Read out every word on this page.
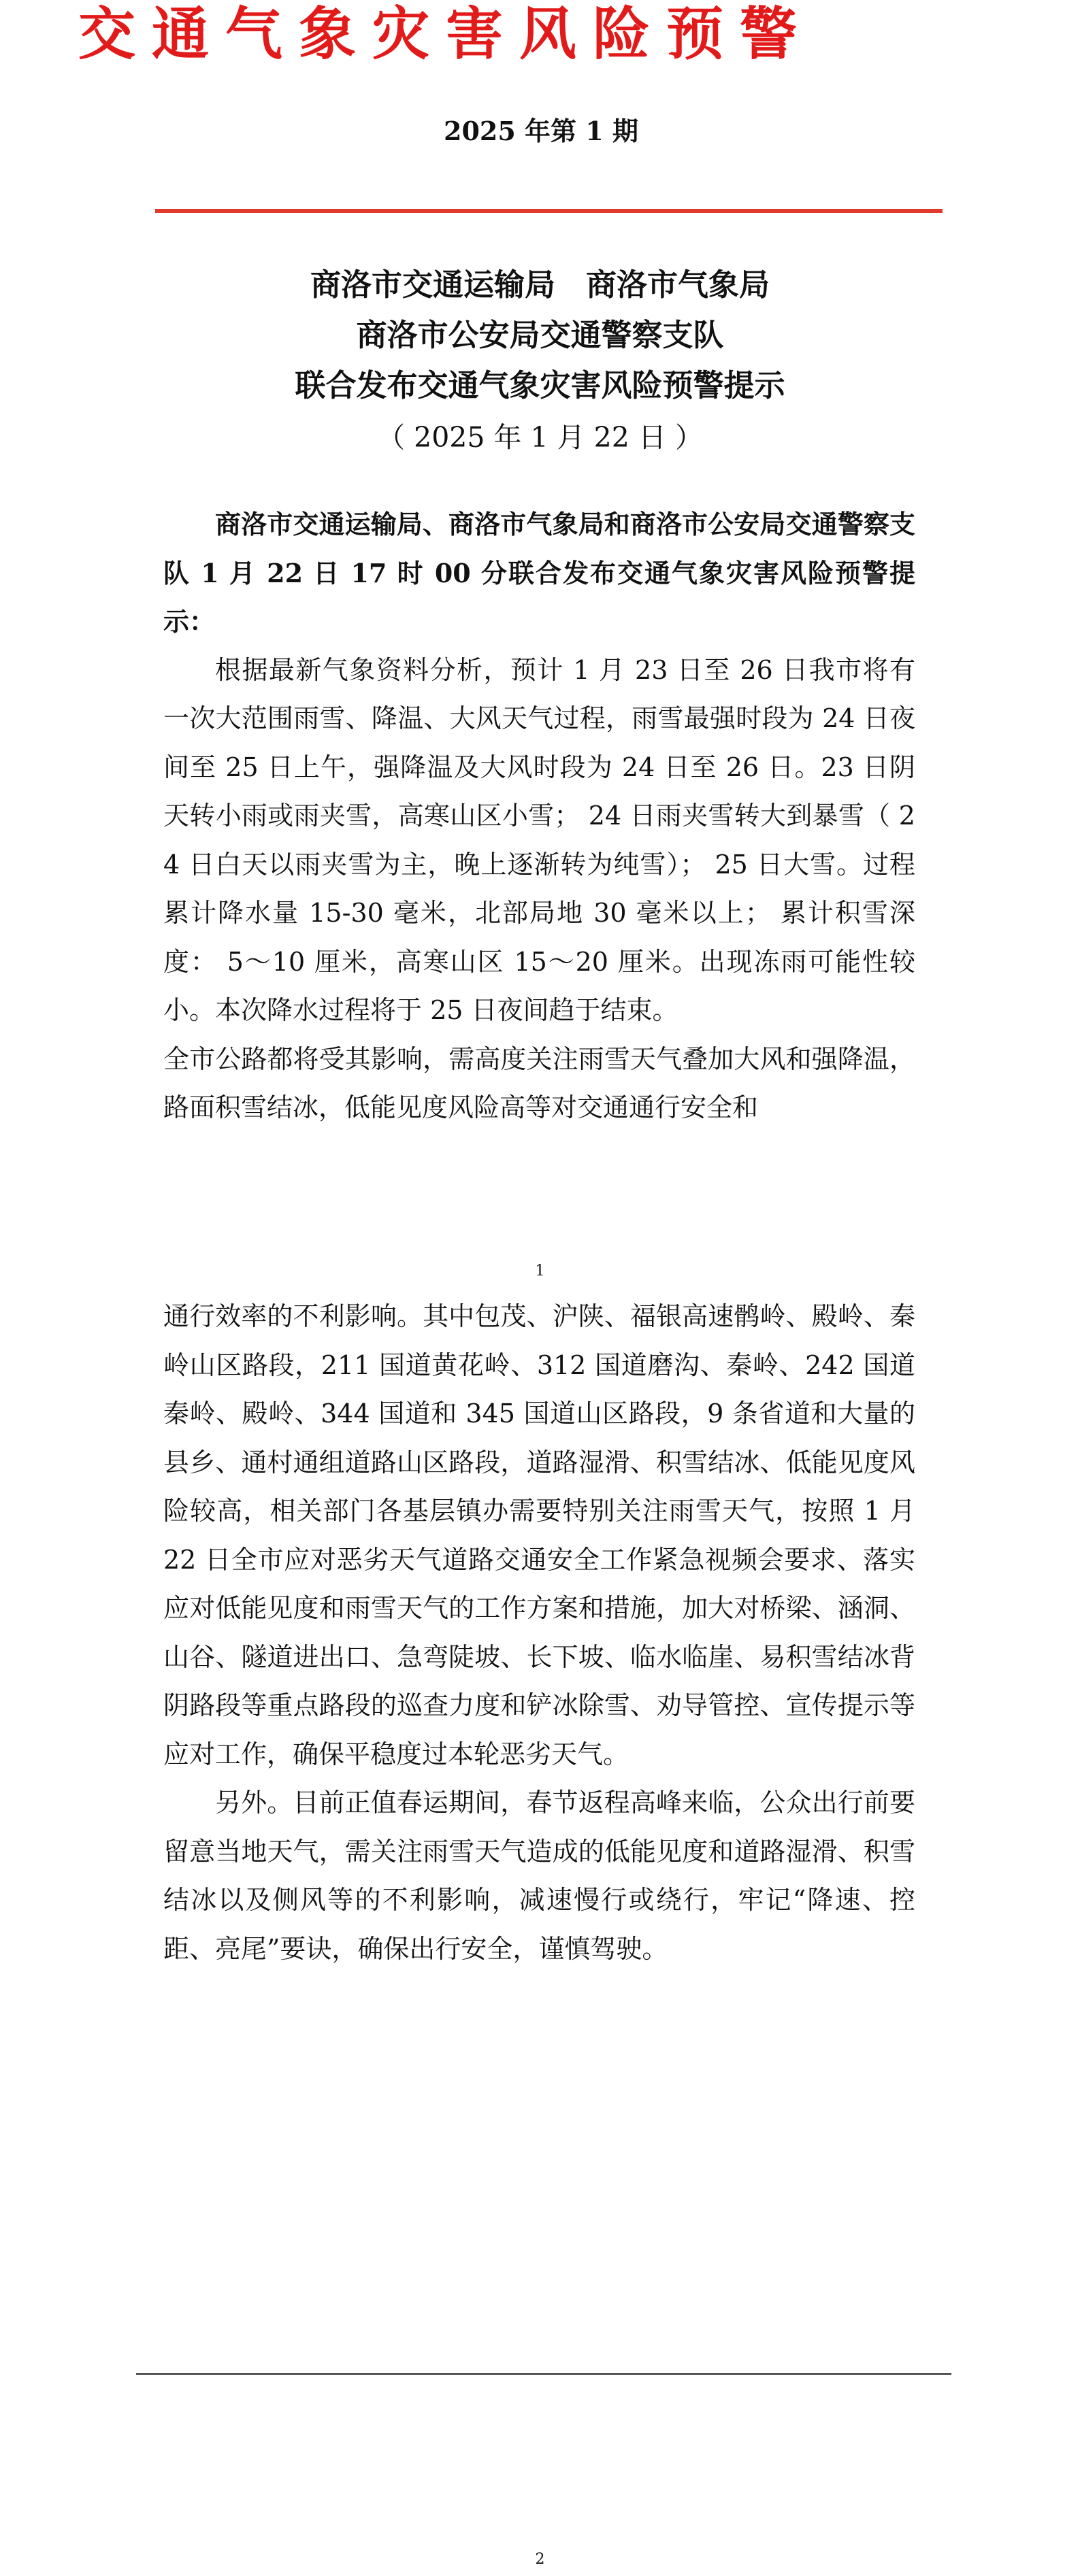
交通气象灾害风险预警
2025 年第 1 期

商洛市交通运输局　商洛市气象局

商洛市公安局交通警察支队

联合发布交通气象灾害风险预警提示

（ 2025 年 1 月 22 日 ）

商洛市交通运输局、商洛市气象局和商洛市公安局交通警察支队 1 月 22 日 17 时 00 分联合发布交通气象灾害风险预警提示：

根据最新气象资料分析，预计 1 月 23 日至 26 日我市将有一次大范围雨雪、降温、大风天气过程，雨雪最强时段为 24 日夜间至 25 日上午，强降温及大风时段为 24 日至 26 日。23 日阴天转小雨或雨夹雪，高寒山区小雪； 24 日雨夹雪转大到暴雪（ 24 日白天以雨夹雪为主，晚上逐渐转为纯雪）； 25 日大雪。过程累计降水量 15-30 毫米，北部局地 30 毫米以上； 累计积雪深度： 5～10 厘米，高寒山区 15～20 厘米。出现冻雨可能性较小。本次降水过程将于 25 日夜间趋于结束。

全市公路都将受其影响，需高度关注雨雪天气叠加大风和强降温，路面积雪结冰，低能见度风险高等对交通通行安全和

1

通行效率的不利影响。其中包茂、沪陕、福银高速鹘岭、殿岭、秦岭山区路段，211 国道黄花岭、312 国道磨沟、秦岭、242 国道秦岭、殿岭、344 国道和 345 国道山区路段，9 条省道和大量的县乡、通村通组道路山区路段，道路湿滑、积雪结冰、低能见度风险较高，相关部门各基层镇办需要特别关注雨雪天气，按照 1 月 22 日全市应对恶劣天气道路交通安全工作紧急视频会要求、落实应对低能见度和雨雪天气的工作方案和措施，加大对桥梁、涵洞、山谷、隧道进出口、急弯陡坡、长下坡、临水临崖、易积雪结冰背阴路段等重点路段的巡查力度和铲冰除雪、劝导管控、宣传提示等应对工作，确保平稳度过本轮恶劣天气。

另外。目前正值春运期间，春节返程高峰来临，公众出行前要留意当地天气，需关注雨雪天气造成的低能见度和道路湿滑、积雪结冰以及侧风等的不利影响，减速慢行或绕行，牢记“降速、控距、亮尾”要诀，确保出行安全，谨慎驾驶。

2
